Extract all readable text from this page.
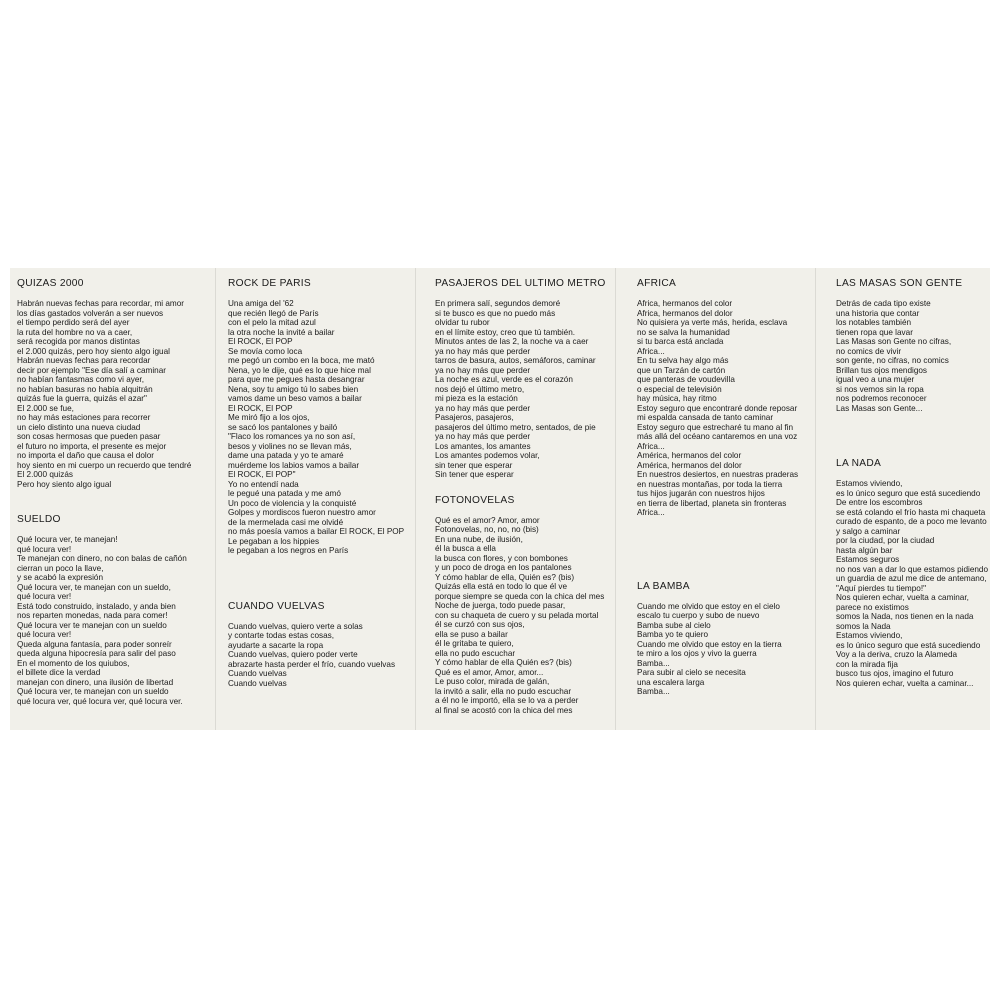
QUIZAS 2000
Habrán nuevas fechas para recordar, mi amor
los días gastados volverán a ser nuevos
el tiempo perdido será del ayer
la ruta del hombre no va a caer,
será recogida por manos distintas
el 2.000 quizás, pero hoy siento algo igual
Habrán nuevas fechas para recordar
decir por ejemplo "Ese día salí a caminar
no habían fantasmas como vi ayer,
no habían basuras no había alquitrán
quizás fue la guerra, quizás el azar"
El 2.000 se fue,
no hay más estaciones para recorrer
un cielo distinto una nueva ciudad
son cosas hermosas que pueden pasar
el futuro no importa, el presente es mejor
no importa el daño que causa el dolor
hoy siento en mi cuerpo un recuerdo que tendré
El 2.000 quizás
Pero hoy siento algo igual
SUELDO
Qué locura ver, te manejan!
qué locura ver!
Te manejan con dinero, no con balas de cañón
cierran un poco la llave,
y se acabó la expresión
Qué locura ver, te manejan con un sueldo,
qué locura ver!
Está todo construido, instalado, y anda bien
nos reparten monedas, nada para comer!
Qué locura ver te manejan con un sueldo
qué locura ver!
Queda alguna fantasía, para poder sonreír
queda alguna hipocresía para salir del paso
En el momento de los quiubos,
el billete dice la verdad
manejan con dinero, una ilusión de libertad
Qué locura ver, te manejan con un sueldo
qué locura ver, qué locura ver, qué locura ver.
ROCK DE PARIS
Una amiga del '62
que recién llegó de París
con el pelo la mitad azul
la otra noche la invité a bailar
El ROCK, El POP
Se movía como loca
me pegó un combo en la boca, me mató
Nena, yo le dije, qué es lo que hice mal
para que me pegues hasta desangrar
Nena, soy tu amigo tú lo sabes bien
vamos dame un beso vamos a bailar
El ROCK, El POP
Me miró fijo a los ojos,
se sacó los pantalones y bailó
"Flaco los romances ya no son así,
besos y violines no se llevan más,
dame una patada y yo te amaré
muérdeme los labios vamos a bailar
El ROCK, El POP"
Yo no entendí nada
le pegué una patada y me amó
Un poco de violencia y la conquisté
Golpes y mordiscos fueron nuestro amor
de la mermelada casi me olvidé
no más poesía vamos a bailar El ROCK, El POP
Le pegaban a los hippies
le pegaban a los negros en París
CUANDO VUELVAS
Cuando vuelvas, quiero verte a solas
y contarte todas estas cosas,
ayudarte a sacarte la ropa
Cuando vuelvas, quiero poder verte
abrazarte hasta perder el frío, cuando vuelvas
Cuando vuelvas
Cuando vuelvas
PASAJEROS DEL ULTIMO METRO
En primera salí, segundos demoré
si te busco es que no puedo más
olvidar tu rubor
en el límite estoy, creo que tú también.
Minutos antes de las 2, la noche va a caer
ya no hay más que perder
tarros de basura, autos, semáforos, caminar
ya no hay más que perder
La noche es azul, verde es el corazón
nos dejó el último metro,
mi pieza es la estación
ya no hay más que perder
Pasajeros, pasajeros,
pasajeros del último metro, sentados, de pie
ya no hay más que perder
Los amantes, los amantes
Los amantes podemos volar,
sin tener que esperar
Sin tener que esperar
FOTONOVELAS
Qué es el amor? Amor, amor
Fotonovelas, no, no, no (bis)
En una nube, de ilusión,
él la busca a ella
la busca con flores, y con bombones
y un poco de droga en los pantalones
Y cómo hablar de ella, Quién es? (bis)
Quizás ella está en todo lo que él ve
porque siempre se queda con la chica del mes
Noche de juerga, todo puede pasar,
con su chaqueta de cuero y su pelada mortal
él se curzó con sus ojos,
ella se puso a bailar
él le gritaba te quiero,
ella no pudo escuchar
Y cómo hablar de ella Quién es? (bis)
Qué es el amor, Amor, amor...
Le puso color, mirada de galán,
la invitó a salir, ella no pudo escuchar
a él no le importó, ella se lo va a perder
al final se acostó con la chica del mes
AFRICA
Africa, hermanos del color
Africa, hermanos del dolor
No quisiera ya verte más, herida, esclava
no se salva la humanidad
si tu barca está anclada
Africa...
En tu selva hay algo más
que un Tarzán de cartón
que panteras de voudevilla
o especial de televisión
hay música, hay ritmo
Estoy seguro que encontraré donde reposar
mi espalda cansada de tanto caminar
Estoy seguro que estrecharé tu mano al fin
más allá del océano cantaremos en una voz
Africa...
América, hermanos del color
América, hermanos del dolor
En nuestros desiertos, en nuestras praderas
en nuestras montañas, por toda la tierra
tus hijos jugarán con nuestros hijos
en tierra de libertad, planeta sin fronteras
Africa...
LA BAMBA
Cuando me olvido que estoy en el cielo
escalo tu cuerpo y subo de nuevo
Bamba sube al cielo
Bamba yo te quiero
Cuando me olvido que estoy en la tierra
te miro a los ojos y vivo la guerra
Bamba...
Para subir al cielo se necesita
una escalera larga
Bamba...
LAS MASAS SON GENTE
Detrás de cada tipo existe
una historia que contar
los notables también
tienen ropa que lavar
Las Masas son Gente no cifras,
no comics de vivir
son gente, no cifras, no comics
Brillan tus ojos mendigos
igual veo a una mujer
si nos vemos sin la ropa
nos podremos reconocer
Las Masas son Gente...
LA NADA
Estamos viviendo,
es lo único seguro que está sucediendo
De entre los escombros
se está colando el frío hasta mi chaqueta
curado de espanto, de a poco me levanto
y salgo a caminar
por la ciudad, por la ciudad
hasta algún bar
Estamos seguros
no nos van a dar lo que estamos pidiendo
un guardia de azul me dice de antemano,
"Aquí pierdes tu tiempo!"
Nos quieren echar, vuelta a caminar,
parece no existimos
somos la Nada, nos tienen en la nada
somos la Nada
Estamos viviendo,
es lo único seguro que está sucediendo
Voy a la deriva, cruzo la Alameda
con la mirada fija
busco tus ojos, imagino el futuro
Nos quieren echar, vuelta a caminar...
